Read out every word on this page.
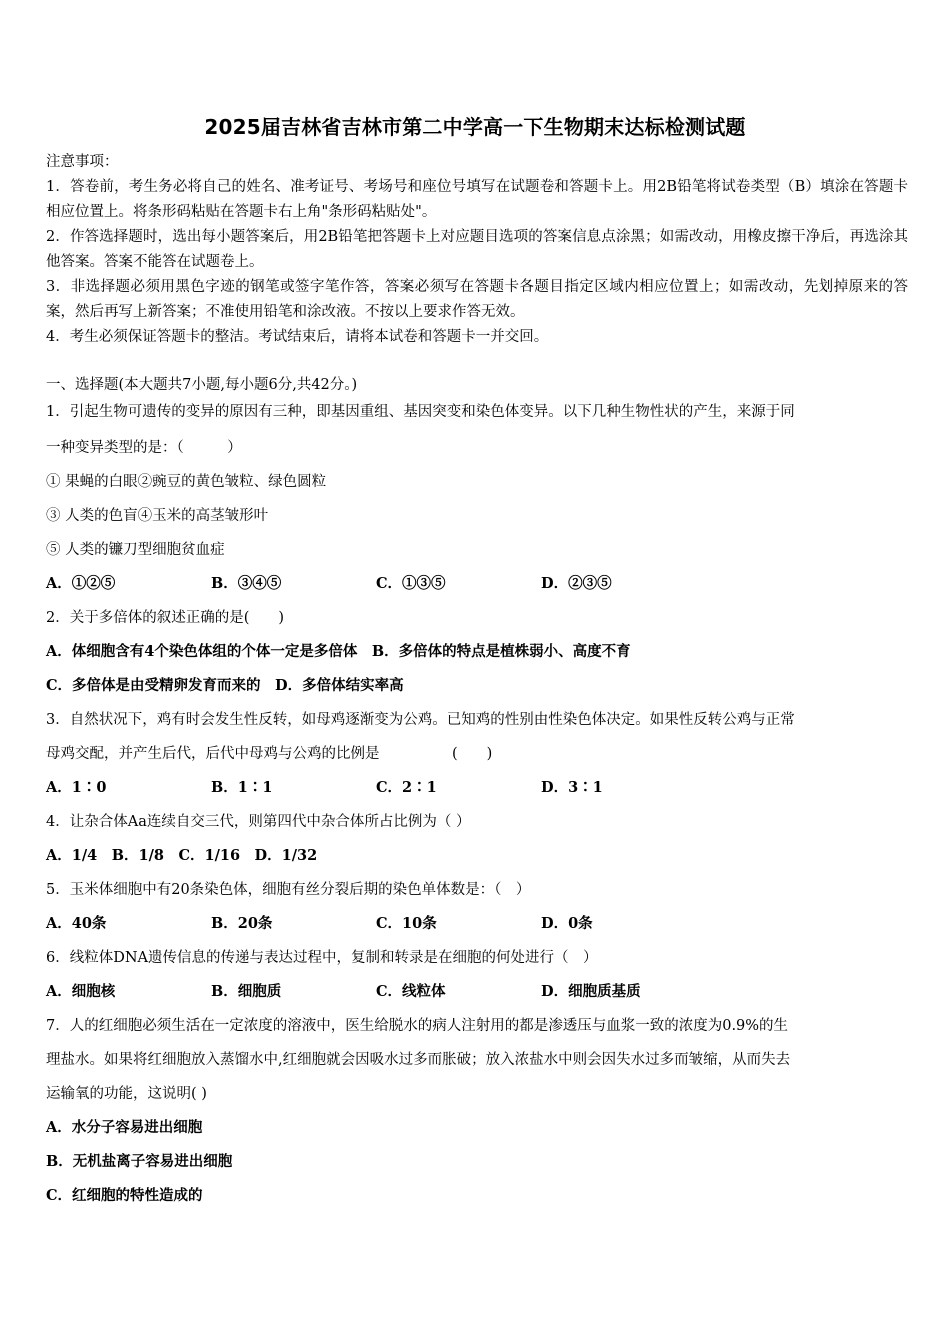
2025届吉林省吉林市第二中学高一下生物期末达标检测试题

注意事项：

1．答卷前，考生务必将自己的姓名、准考证号、考场号和座位号填写在试题卷和答题卡上。用2B铅笔将试卷类型（B）填涂在答题卡相应位置上。将条形码粘贴在答题卡右上角"条形码粘贴处"。

2．作答选择题时，选出每小题答案后，用2B铅笔把答题卡上对应题目选项的答案信息点涂黑；如需改动，用橡皮擦干净后，再选涂其他答案。答案不能答在试题卷上。

3．非选择题必须用黑色字迹的钢笔或签字笔作答，答案必须写在答题卡各题目指定区域内相应位置上；如需改动，先划掉原来的答案，然后再写上新答案；不准使用铅笔和涂改液。不按以上要求作答无效。

4．考生必须保证答题卡的整洁。考试结束后，请将本试卷和答题卡一并交回。

一、选择题(本大题共7小题,每小题6分,共42分。)
1．引起生物可遗传的变异的原因有三种，即基因重组、基因突变和染色体变异。以下几种生物性状的产生，来源于同
一种变异类型的是：（　　　）
① 果蝇的白眼②豌豆的黄色皱粒、绿色圆粒
③ 人类的色盲④玉米的高茎皱形叶
⑤ 人类的镰刀型细胞贫血症
A．①②⑤	B．③④⑤	C．①③⑤	D．②③⑤
2．关于多倍体的叙述正确的是(　　)
A．体细胞含有4个染色体组的个体一定是多倍体　B．多倍体的特点是植株弱小、高度不育
C．多倍体是由受精卵发育而来的　D．多倍体结实率高
3．自然状况下，鸡有时会发生性反转，如母鸡逐渐变为公鸡。已知鸡的性别由性染色体决定。如果性反转公鸡与正常
母鸡交配，并产生后代，后代中母鸡与公鸡的比例是　　　　　(　　)
A．1∶0	B．1∶1	C．2∶1	D．3∶1
4．让杂合体Aa连续自交三代，则第四代中杂合体所占比例为（ ）
A．1/4　B．1/8　C．1/16　D．1/32
5．玉米体细胞中有20条染色体，细胞有丝分裂后期的染色单体数是：（　）
A．40条	B．20条	C．10条	D．0条
6．线粒体DNA遗传信息的传递与表达过程中，复制和转录是在细胞的何处进行（　）
A．细胞核	B．细胞质	C．线粒体	D．细胞质基质
7．人的红细胞必须生活在一定浓度的溶液中，医生给脱水的病人注射用的都是渗透压与血浆一致的浓度为0.9%的生
理盐水。如果将红细胞放入蒸馏水中,红细胞就会因吸水过多而胀破；放入浓盐水中则会因失水过多而皱缩，从而失去
运输氧的功能，这说明( )
A．水分子容易进出细胞
B．无机盐离子容易进出细胞
C．红细胞的特性造成的
